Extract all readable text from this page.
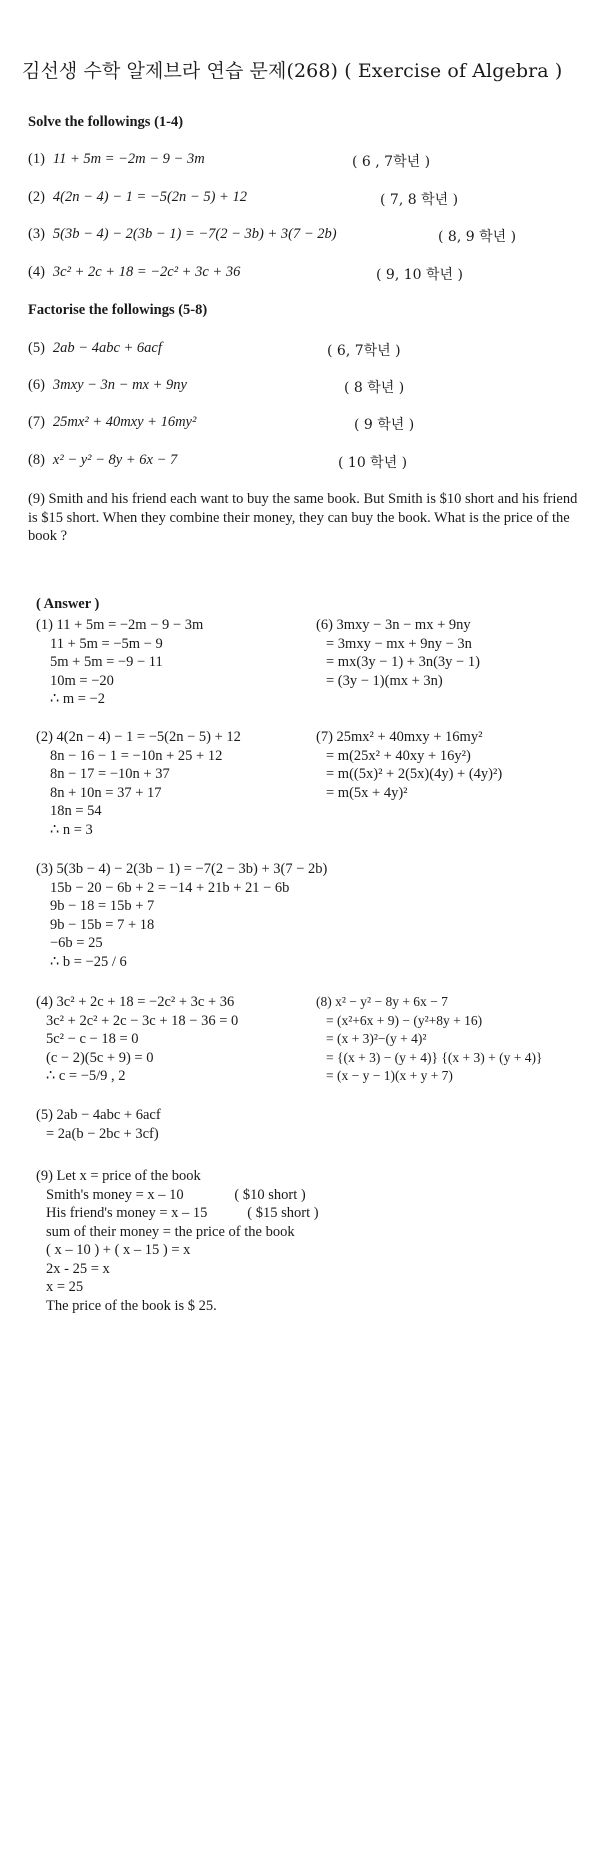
김선생 수학 알제브라 연습 문제(268) ( Exercise of Algebra )
Solve the followings (1-4)
(1) 11 + 5m = −2m − 9 − 3m	( 6 , 7학년 )
(2) 4(2n − 4) − 1 = −5(2n − 5) + 12	( 7, 8 학년 )
(3) 5(3b − 4) − 2(3b − 1) = −7(2 − 3b) + 3(7 − 2b)	( 8, 9 학년 )
(4) 3c² + 2c + 18 = −2c² + 3c + 36	( 9, 10 학년 )
Factorise the followings (5-8)
(5) 2ab − 4abc + 6acf	( 6, 7학년 )
(6) 3mxy − 3n − mx + 9ny	( 8 학년 )
(7) 25mx² + 40mxy + 16my²	( 9 학년 )
(8) x² − y² − 8y + 6x − 7	( 10 학년 )
(9) Smith and his friend each want to buy the same book. But Smith is $10 short and his friend is $15 short. When they combine their money, they can buy the book. What is the price of the book ?
( Answer )
(1) 11 + 5m = −2m − 9 − 3m
11 + 5m = −5m − 9
5m + 5m = −9 − 11
10m = −20
∴ m = −2
(6) 3mxy − 3n − mx + 9ny
= 3mxy − mx + 9ny − 3n
= mx(3y − 1) + 3n(3y − 1)
= (3y − 1)(mx + 3n)
(2) 4(2n − 4) − 1 = −5(2n − 5) + 12
8n − 16 − 1 = −10n + 25 + 12
8n − 17 = −10n + 37
8n + 10n = 37 + 17
18n = 54
∴ n = 3
(7) 25mx² + 40mxy + 16my²
= m(25x² + 40xy + 16y²)
= m((5x)² + 2(5x)(4y) + (4y)²)
= m(5x + 4y)²
(3) 5(3b − 4) − 2(3b − 1) = −7(2 − 3b) + 3(7 − 2b)
15b − 20 − 6b + 2 = −14 + 21b + 21 − 6b
9b − 18 = 15b + 7
9b − 15b = 7 + 18
−6b = 25
∴ b = −25 / 6
(4) 3c² + 2c + 18 = −2c² + 3c + 36
3c² + 2c² + 2c − 3c + 18 − 36 = 0
5c² − c − 18 = 0
(c − 2)(5c + 9) = 0
∴ c = −5/9 , 2
(8) x² − y² − 8y + 6x − 7
= (x²+6x + 9) − (y²+8y + 16)
= (x + 3)²−(y + 4)²
= {(x + 3) − (y + 4)} {(x + 3) + (y + 4)}
= (x − y − 1)(x + y + 7)
(5) 2ab − 4abc + 6acf
= 2a(b − 2bc + 3cf)
(9) Let x = price of the book
Smith's money = x – 10              ( $10 short )
His friend's money = x – 15           ( $15 short )
sum of their money = the price of the book
( x – 10 ) + ( x – 15 ) = x
2x - 25 = x
x = 25
The price of the book is $ 25.
